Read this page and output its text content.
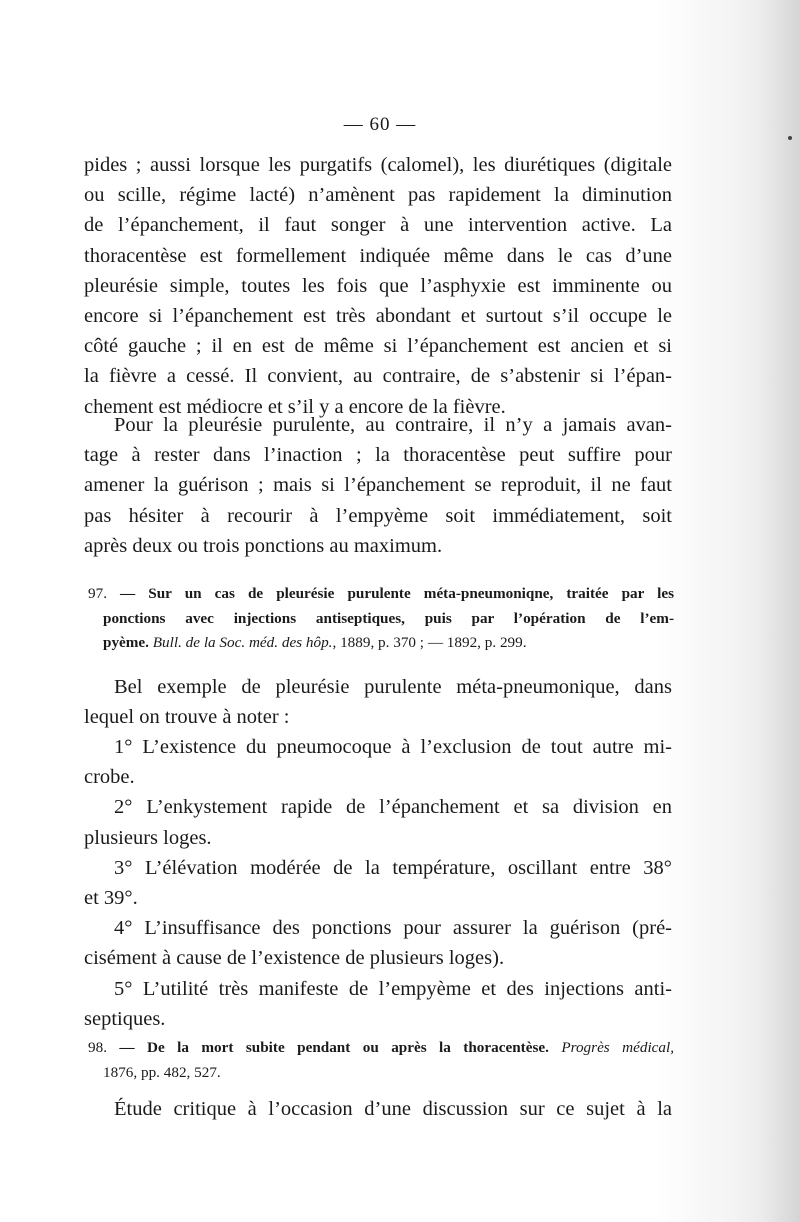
— 60 —
pides ; aussi lorsque les purgatifs (calomel), les diurétiques (digitale
ou scille, régime lacté) n’amènent pas rapidement la diminution
de l’épanchement, il faut songer à une intervention active. La
thoracentèse est formellement indiquée même dans le cas d’une
pleurésie simple, toutes les fois que l’asphyxie est imminente ou
encore si l’épanchement est très abondant et surtout s’il occupe le
côté gauche ; il en est de même si l’épanchement est ancien et si
la fièvre a cessé. Il convient, au contraire, de s’abstenir si l’épan-
chement est médiocre et s’il y a encore de la fièvre.
Pour la pleurésie purulente, au contraire, il n’y a jamais avan-
tage à rester dans l’inaction ; la thoracentèse peut suffire pour
amener la guérison ; mais si l’épanchement se reproduit, il ne faut
pas hésiter à recourir à l’empyème soit immédiatement, soit
après deux ou trois ponctions au maximum.
97. — Sur un cas de pleurésie purulente méta-pneumoniqne, traitée par les
ponctions avec injections antiseptiques, puis par l’opération de l’em-
pyème. Bull. de la Soc. méd. des hôp., 1889, p. 370 ; — 1892, p. 299.
Bel exemple de pleurésie purulente méta-pneumonique, dans
lequel on trouve à noter :
1° L’existence du pneumocoque à l’exclusion de tout autre mi-
crobe.
2° L’enkystement rapide de l’épanchement et sa division en
plusieurs loges.
3° L’élévation modérée de la température, oscillant entre 38°
et 39°.
4° L’insuffisance des ponctions pour assurer la guérison (pré-
cisément à cause de l’existence de plusieurs loges).
5° L’utilité très manifeste de l’empyème et des injections anti-
septiques.
98. — De la mort subite pendant ou après la thoracentèse. Progrès médical,
1876, pp. 482, 527.
Étude critique à l’occasion d’une discussion sur ce sujet à la
